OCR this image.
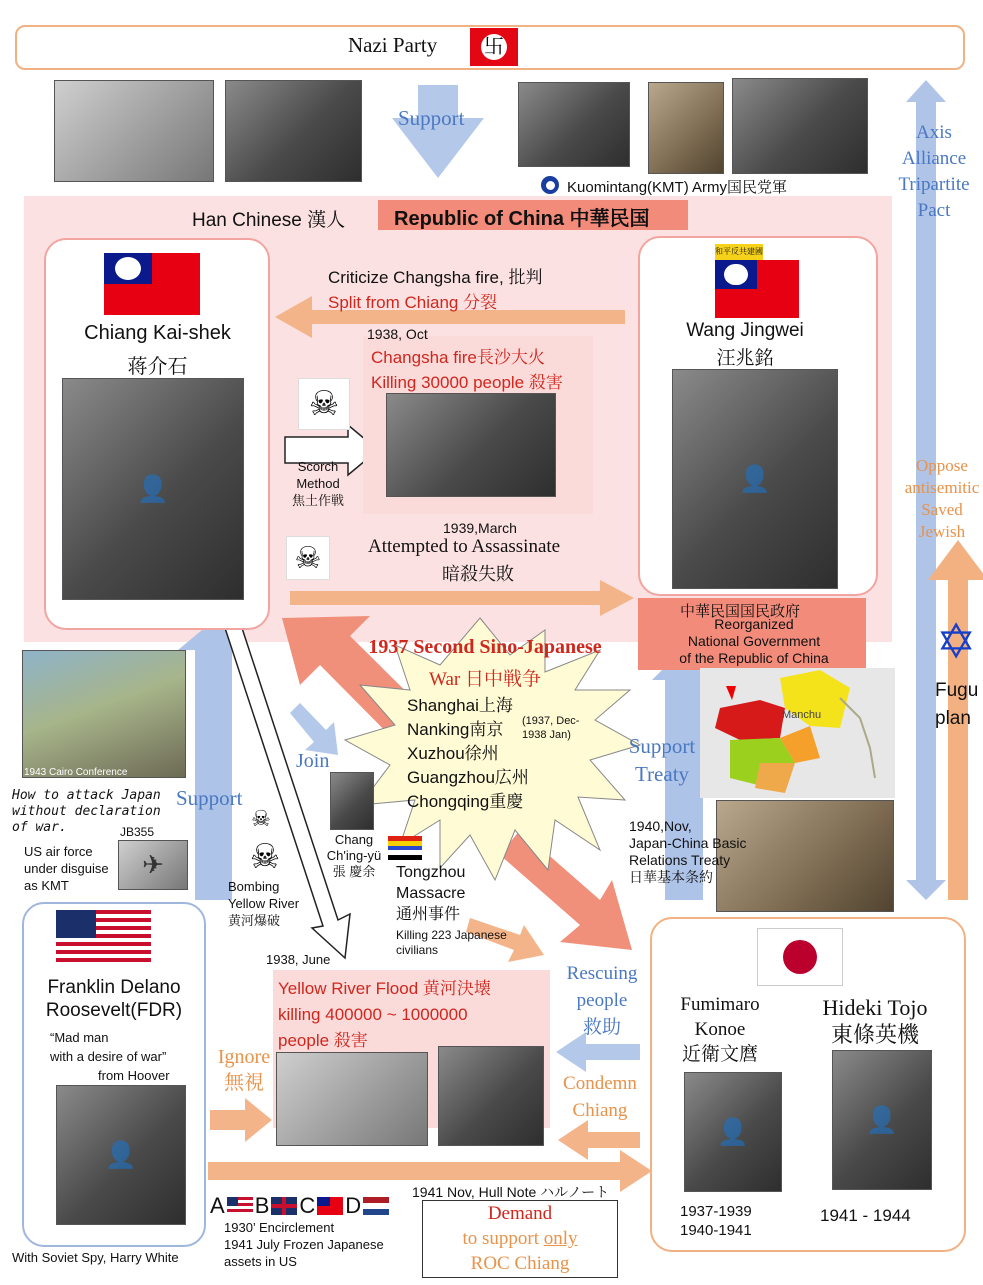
Nazi Party 卐
Support
Kuomintang(KMT) Army国民党軍
Axis
Alliance
Tripartite
Pact
Han Chinese 漢人 Republic of China 中華民国
Chiang Kai-shek
蒋介石
👤
和平反共建國
Wang Jingwei
汪兆銘
👤
Criticize Changsha fire, 批判
Split from Chiang 分裂
1938, Oct
Changsha fire長沙大火
Killing 30000 people 殺害
☠
Scorch
Method
焦土作戦
1939,March
Attempted to Assassinate
暗殺失敗
☠
中華民国国民政府
Reorganized
National Government
of the Republic of China
1937 Second Sino-Japanese
War 日中戦争
Shanghai上海
Nanking南京
Xuzhou徐州
Guangzhou広州
Chongqing重慶
(1937, Dec-
1938 Jan)
Oppose
antisemitic
Saved
Jewish
✡
Fugu
plan
1943 Cairo Conference
How to attack Japan
without declaration
of war.	JB355
✈
US air force
under disguise
as KMT
Support
Join
Chang
Ch'ing-yü
張 慶余
☠
☠
Bombing
Yellow River
黄河爆破
Tongzhou
Massacre
通州事件
Killing 223 Japanese
civilians
Manchu
Support
Treaty
1940,Nov,
Japan-China Basic
Relations Treaty
日華基本条約
Franklin Delano
Roosevelt(FDR)
“Mad man
with a desire of war”
from Hoover
👤
With Soviet Spy, Harry White
1938, June
Yellow River Flood 黄河決壊
killing 400000 ~ 1000000
people 殺害
Ignore
無視
Rescuing
people
救助
Condemn
Chiang
Fumimaro
Konoe
近衛文麿
Hideki Tojo
東條英機
👤	👤
1937-1939
1940-1941
1941 - 1944
A B C D
1930’ Encirclement
1941 July Frozen Japanese
assets in US
1941 Nov, Hull Note ハルノート
Demand
to support only
ROC Chiang
